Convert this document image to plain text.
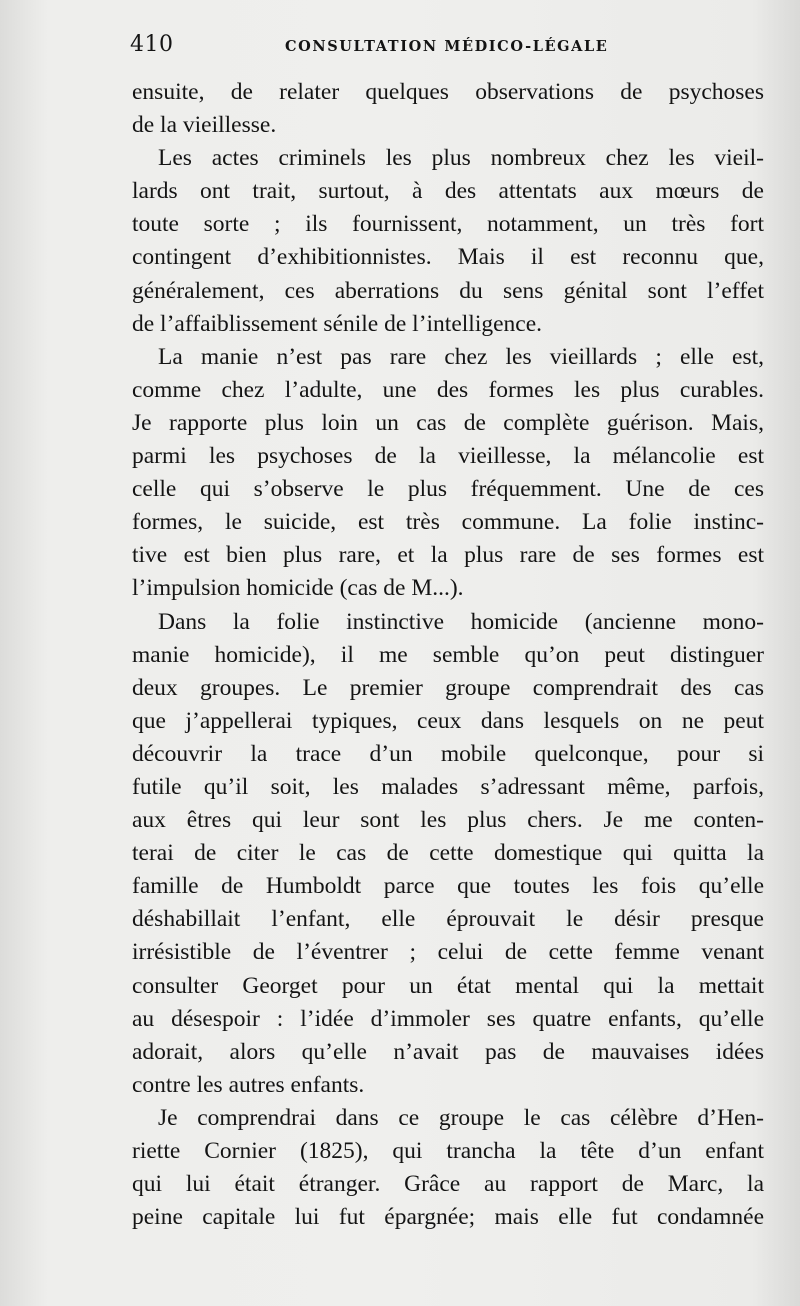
410	CONSULTATION MÉDICO-LÉGALE
ensuite, de relater quelques observations de psychoses
de la vieillesse.
Les actes criminels les plus nombreux chez les vieil-
lards ont trait, surtout, à des attentats aux mœurs de
toute sorte ; ils fournissent, notamment, un très fort
contingent d’exhibitionnistes. Mais il est reconnu que,
généralement, ces aberrations du sens génital sont l’effet
de l’affaiblissement sénile de l’intelligence.
La manie n’est pas rare chez les vieillards ; elle est,
comme chez l’adulte, une des formes les plus curables.
Je rapporte plus loin un cas de complète guérison. Mais,
parmi les psychoses de la vieillesse, la mélancolie est
celle qui s’observe le plus fréquemment. Une de ces
formes, le suicide, est très commune. La folie instinc-
tive est bien plus rare, et la plus rare de ses formes est
l’impulsion homicide (cas de M...).
Dans la folie instinctive homicide (ancienne mono-
manie homicide), il me semble qu’on peut distinguer
deux groupes. Le premier groupe comprendrait des cas
que j’appellerai typiques, ceux dans lesquels on ne peut
découvrir la trace d’un mobile quelconque, pour si
futile qu’il soit, les malades s’adressant même, parfois,
aux êtres qui leur sont les plus chers. Je me conten-
terai de citer le cas de cette domestique qui quitta la
famille de Humboldt parce que toutes les fois qu’elle
déshabillait l’enfant, elle éprouvait le désir presque
irrésistible de l’éventrer ; celui de cette femme venant
consulter Georget pour un état mental qui la mettait
au désespoir : l’idée d’immoler ses quatre enfants, qu’elle
adorait, alors qu’elle n’avait pas de mauvaises idées
contre les autres enfants.
Je comprendrai dans ce groupe le cas célèbre d’Hen-
riette Cornier (1825), qui trancha la tête d’un enfant
qui lui était étranger. Grâce au rapport de Marc, la
peine capitale lui fut épargnée; mais elle fut condamnée
